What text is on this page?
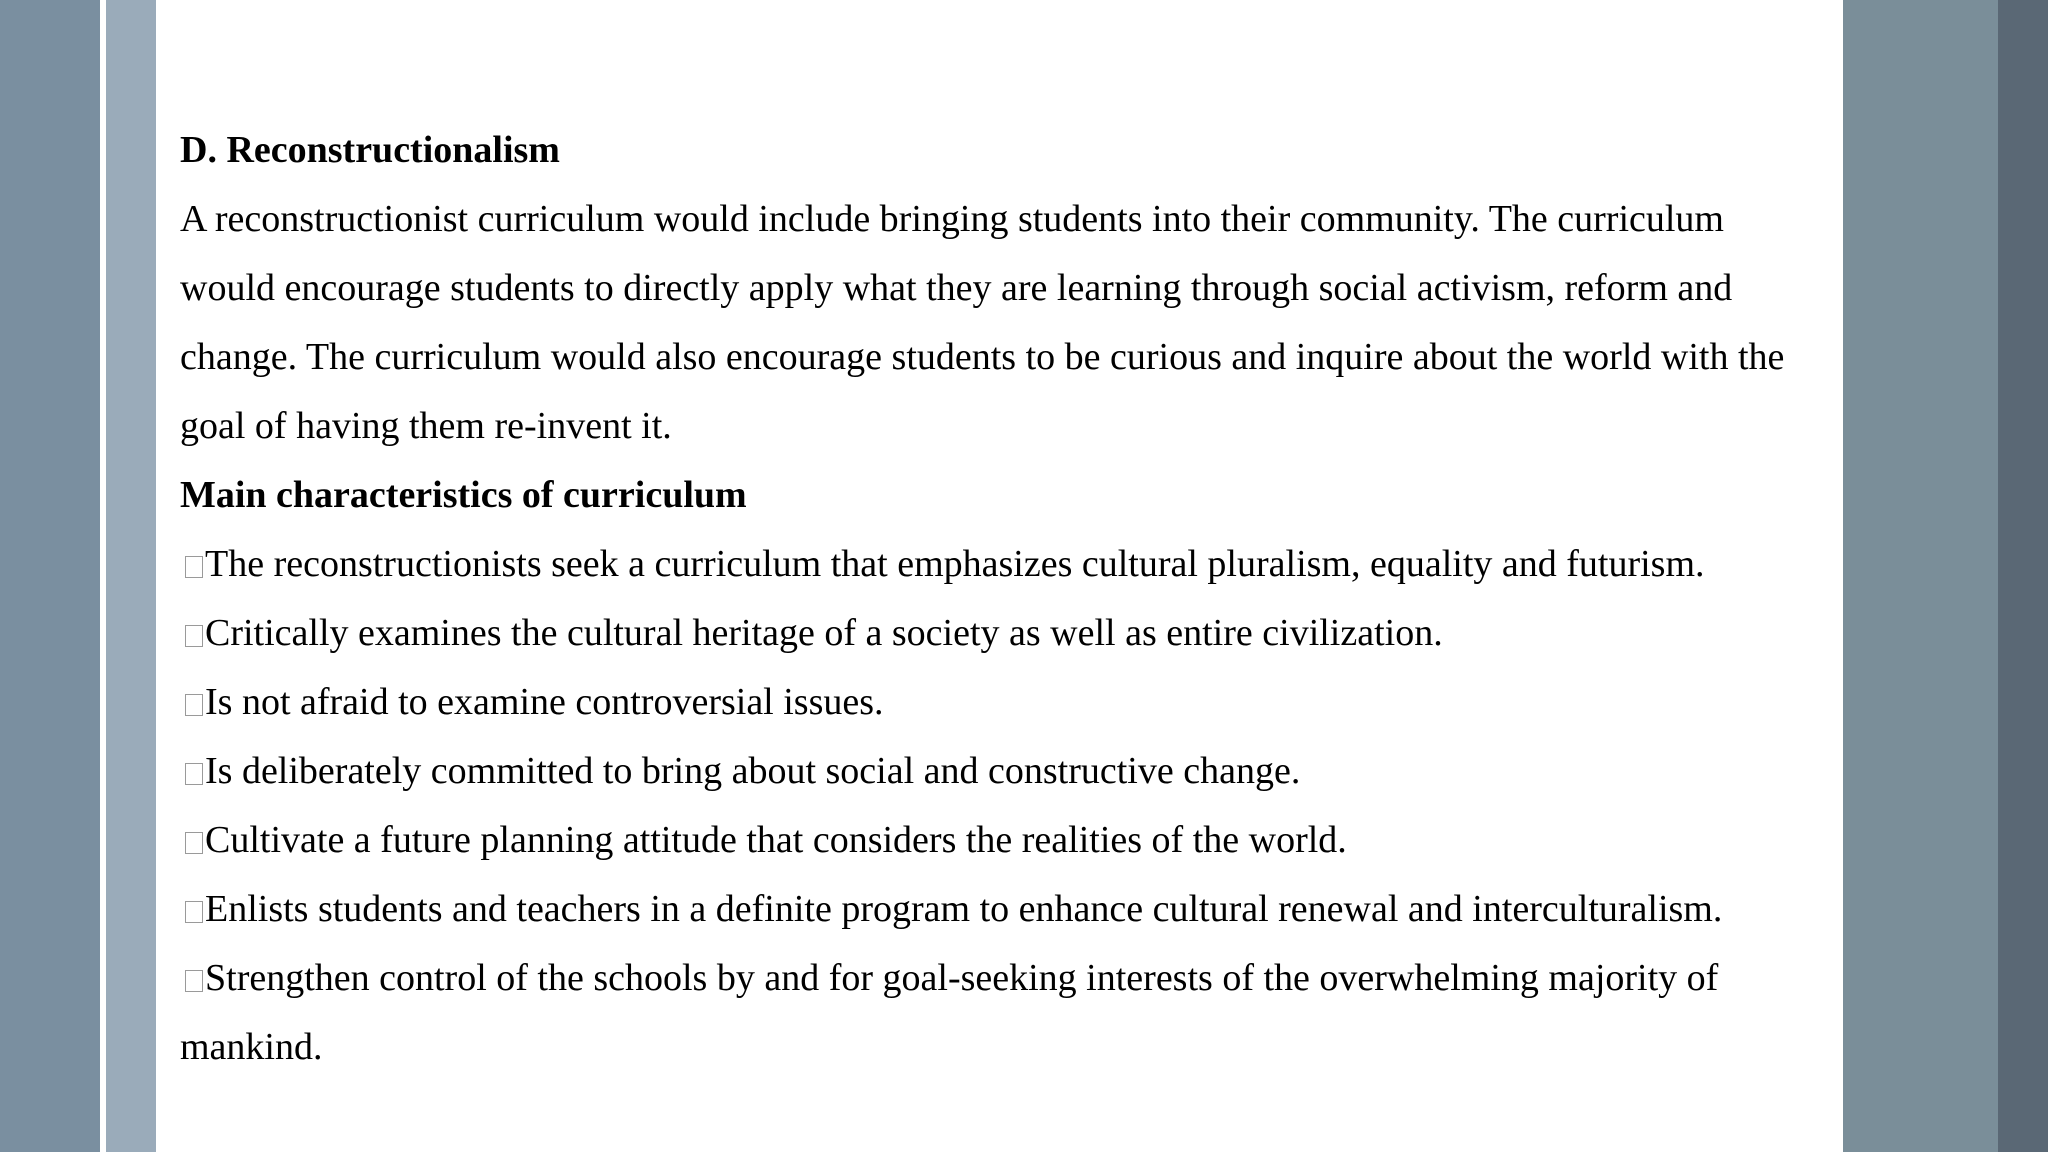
D. Reconstructionalism

A reconstructionist curriculum would include bringing students into their community. The curriculum would encourage students to directly apply what they are learning through social activism, reform and change. The curriculum would also encourage students to be curious and inquire about the world with the goal of having them re-invent it.

Main characteristics of curriculum

The reconstructionists seek a curriculum that emphasizes cultural pluralism, equality and futurism.
Critically examines the cultural heritage of a society as well as entire civilization.
Is not afraid to examine controversial issues.
Is deliberately committed to bring about social and constructive change.
Cultivate a future planning attitude that considers the realities of the world.
Enlists students and teachers in a definite program to enhance cultural renewal and interculturalism.
Strengthen control of the schools by and for goal-seeking interests of the overwhelming majority of mankind.
